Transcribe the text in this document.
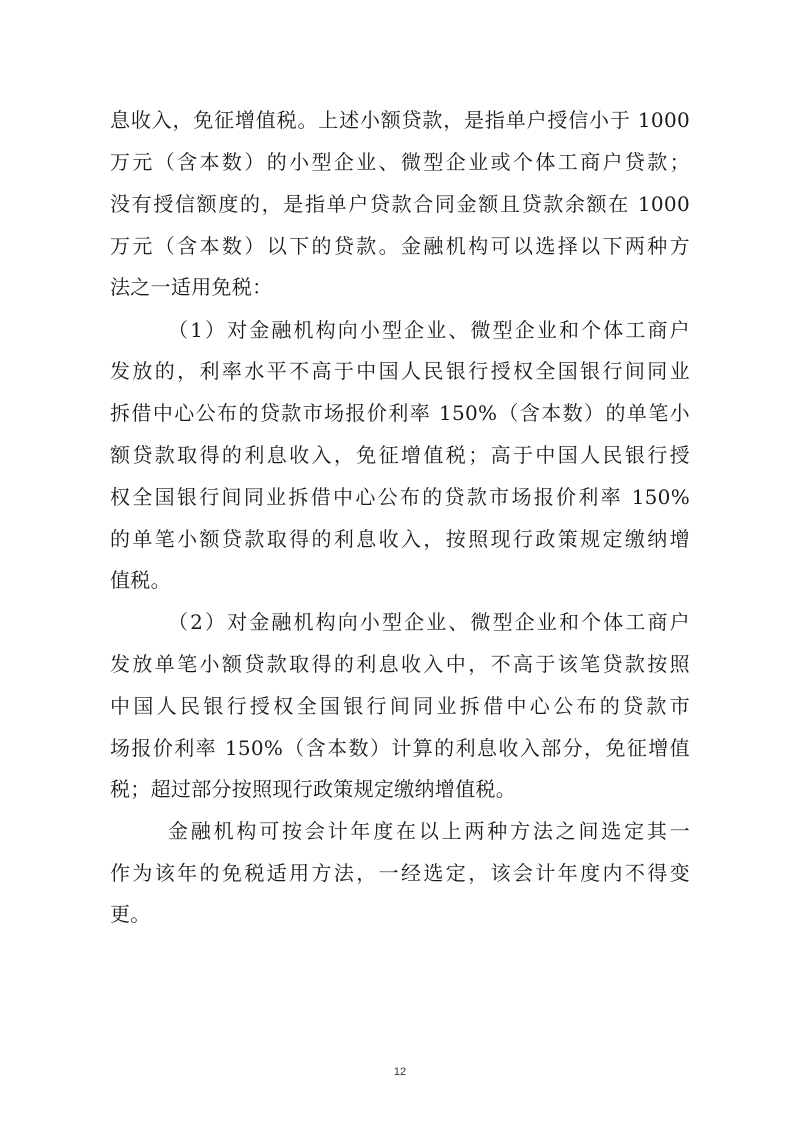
息收入，免征增值税。上述小额贷款，是指单户授信小于 1000
万元（含本数）的小型企业、微型企业或个体工商户贷款；
没有授信额度的，是指单户贷款合同金额且贷款余额在 1000
万元（含本数）以下的贷款。金融机构可以选择以下两种方
法之一适用免税：
（1）对金融机构向小型企业、微型企业和个体工商户
发放的，利率水平不高于中国人民银行授权全国银行间同业
拆借中心公布的贷款市场报价利率 150%（含本数）的单笔小
额贷款取得的利息收入，免征增值税；高于中国人民银行授
权全国银行间同业拆借中心公布的贷款市场报价利率 150%
的单笔小额贷款取得的利息收入，按照现行政策规定缴纳增
值税。
（2）对金融机构向小型企业、微型企业和个体工商户
发放单笔小额贷款取得的利息收入中，不高于该笔贷款按照
中国人民银行授权全国银行间同业拆借中心公布的贷款市
场报价利率 150%（含本数）计算的利息收入部分，免征增值
税；超过部分按照现行政策规定缴纳增值税。
金融机构可按会计年度在以上两种方法之间选定其一
作为该年的免税适用方法，一经选定，该会计年度内不得变
更。
12
